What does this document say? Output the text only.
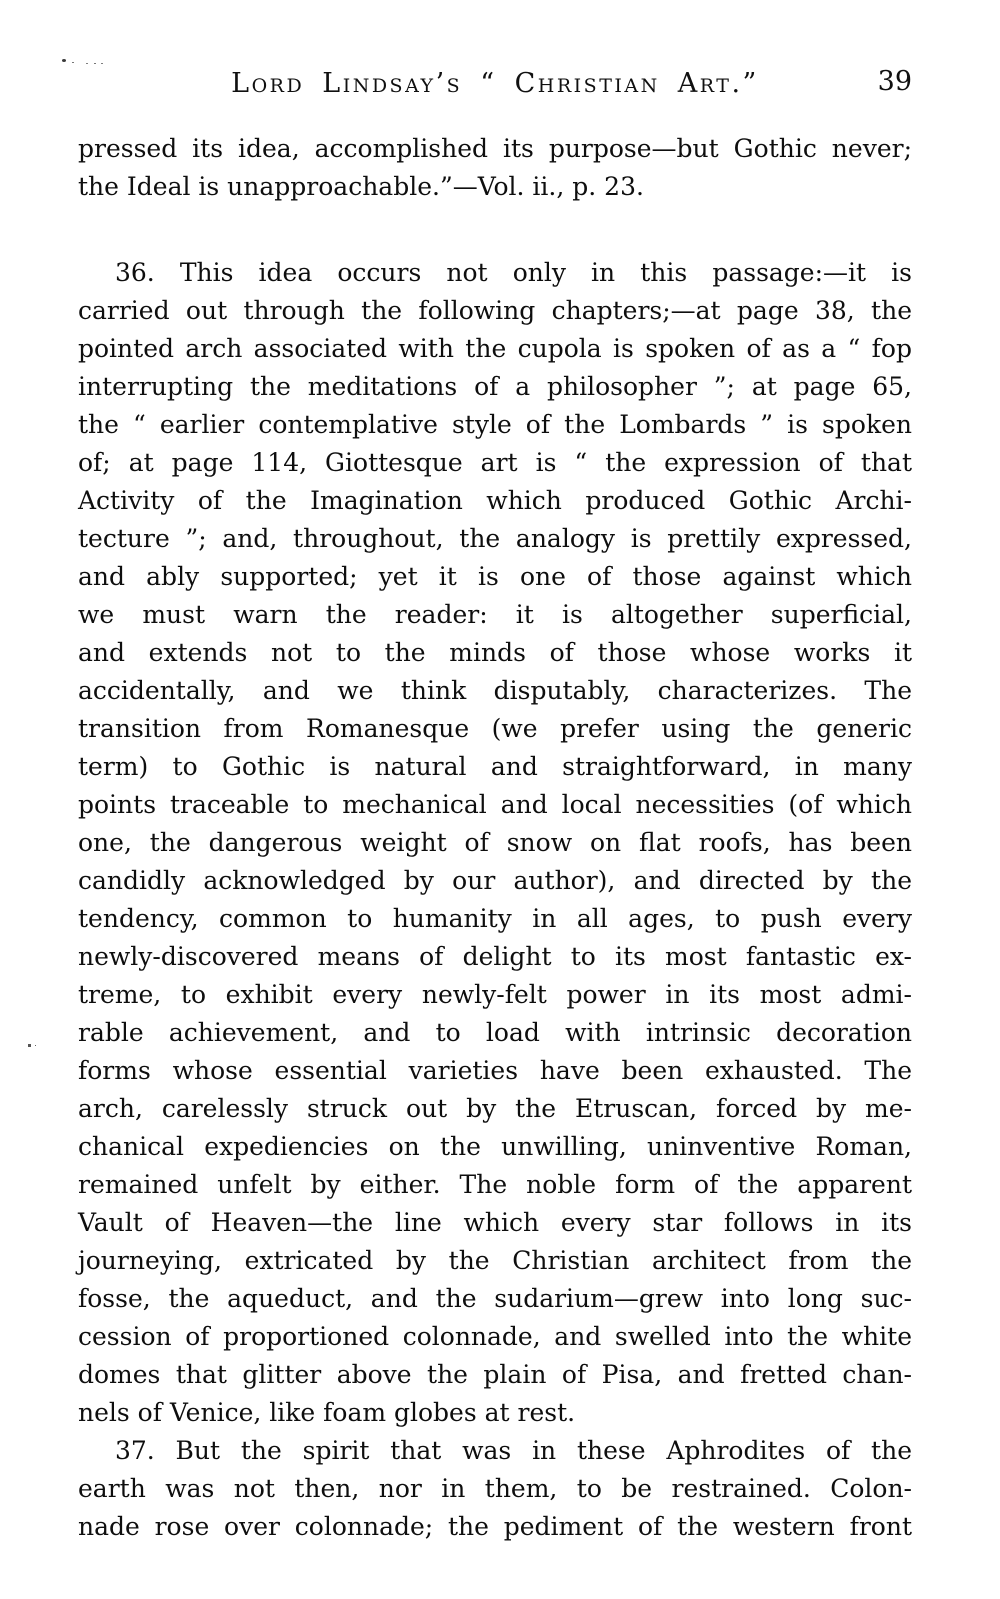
Lord Lindsay’s “ Christian Art.”	39
pressed its idea, accomplished its purpose—but Gothic never;
the Ideal is unapproachable.”—Vol. ii., p. 23.
36. This idea occurs not only in this passage:—it is
carried out through the following chapters;—at page 38, the
pointed arch associated with the cupola is spoken of as a “ fop
interrupting the meditations of a philosopher ”; at page 65,
the “ earlier contemplative style of the Lombards ” is spoken
of; at page 114, Giottesque art is “ the expression of that
Activity of the Imagination which produced Gothic Archi-
tecture ”; and, throughout, the analogy is prettily expressed,
and ably supported; yet it is one of those against which
we must warn the reader: it is altogether superficial,
and extends not to the minds of those whose works it
accidentally, and we think disputably, characterizes. The
transition from Romanesque (we prefer using the generic
term) to Gothic is natural and straightforward, in many
points traceable to mechanical and local necessities (of which
one, the dangerous weight of snow on flat roofs, has been
candidly acknowledged by our author), and directed by the
tendency, common to humanity in all ages, to push every
newly-discovered means of delight to its most fantastic ex-
treme, to exhibit every newly-felt power in its most admi-
rable achievement, and to load with intrinsic decoration
forms whose essential varieties have been exhausted. The
arch, carelessly struck out by the Etruscan, forced by me-
chanical expediencies on the unwilling, uninventive Roman,
remained unfelt by either. The noble form of the apparent
Vault of Heaven—the line which every star follows in its
journeying, extricated by the Christian architect from the
fosse, the aqueduct, and the sudarium—grew into long suc-
cession of proportioned colonnade, and swelled into the white
domes that glitter above the plain of Pisa, and fretted chan-
nels of Venice, like foam globes at rest.
37. But the spirit that was in these Aphrodites of the
earth was not then, nor in them, to be restrained. Colon-
nade rose over colonnade; the pediment of the western front
